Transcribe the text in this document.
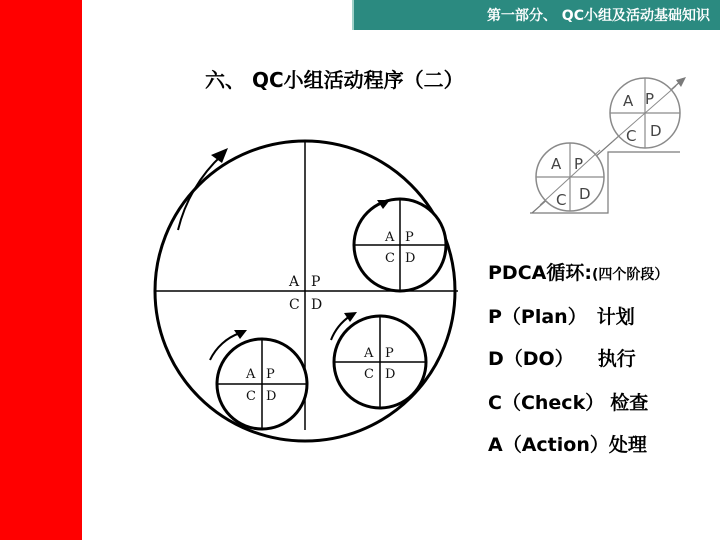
第一部分、 QC小组及活动基础知识
六、 QC小组活动程序（二）
A P
C D
A P
C D
A P
C D
A P
C D
A P
C D
A P
C D
PDCA循环:(四个阶段）
P（Plan） 计划
D（DO） 执行
C（Check） 检查
A（Action）处理
